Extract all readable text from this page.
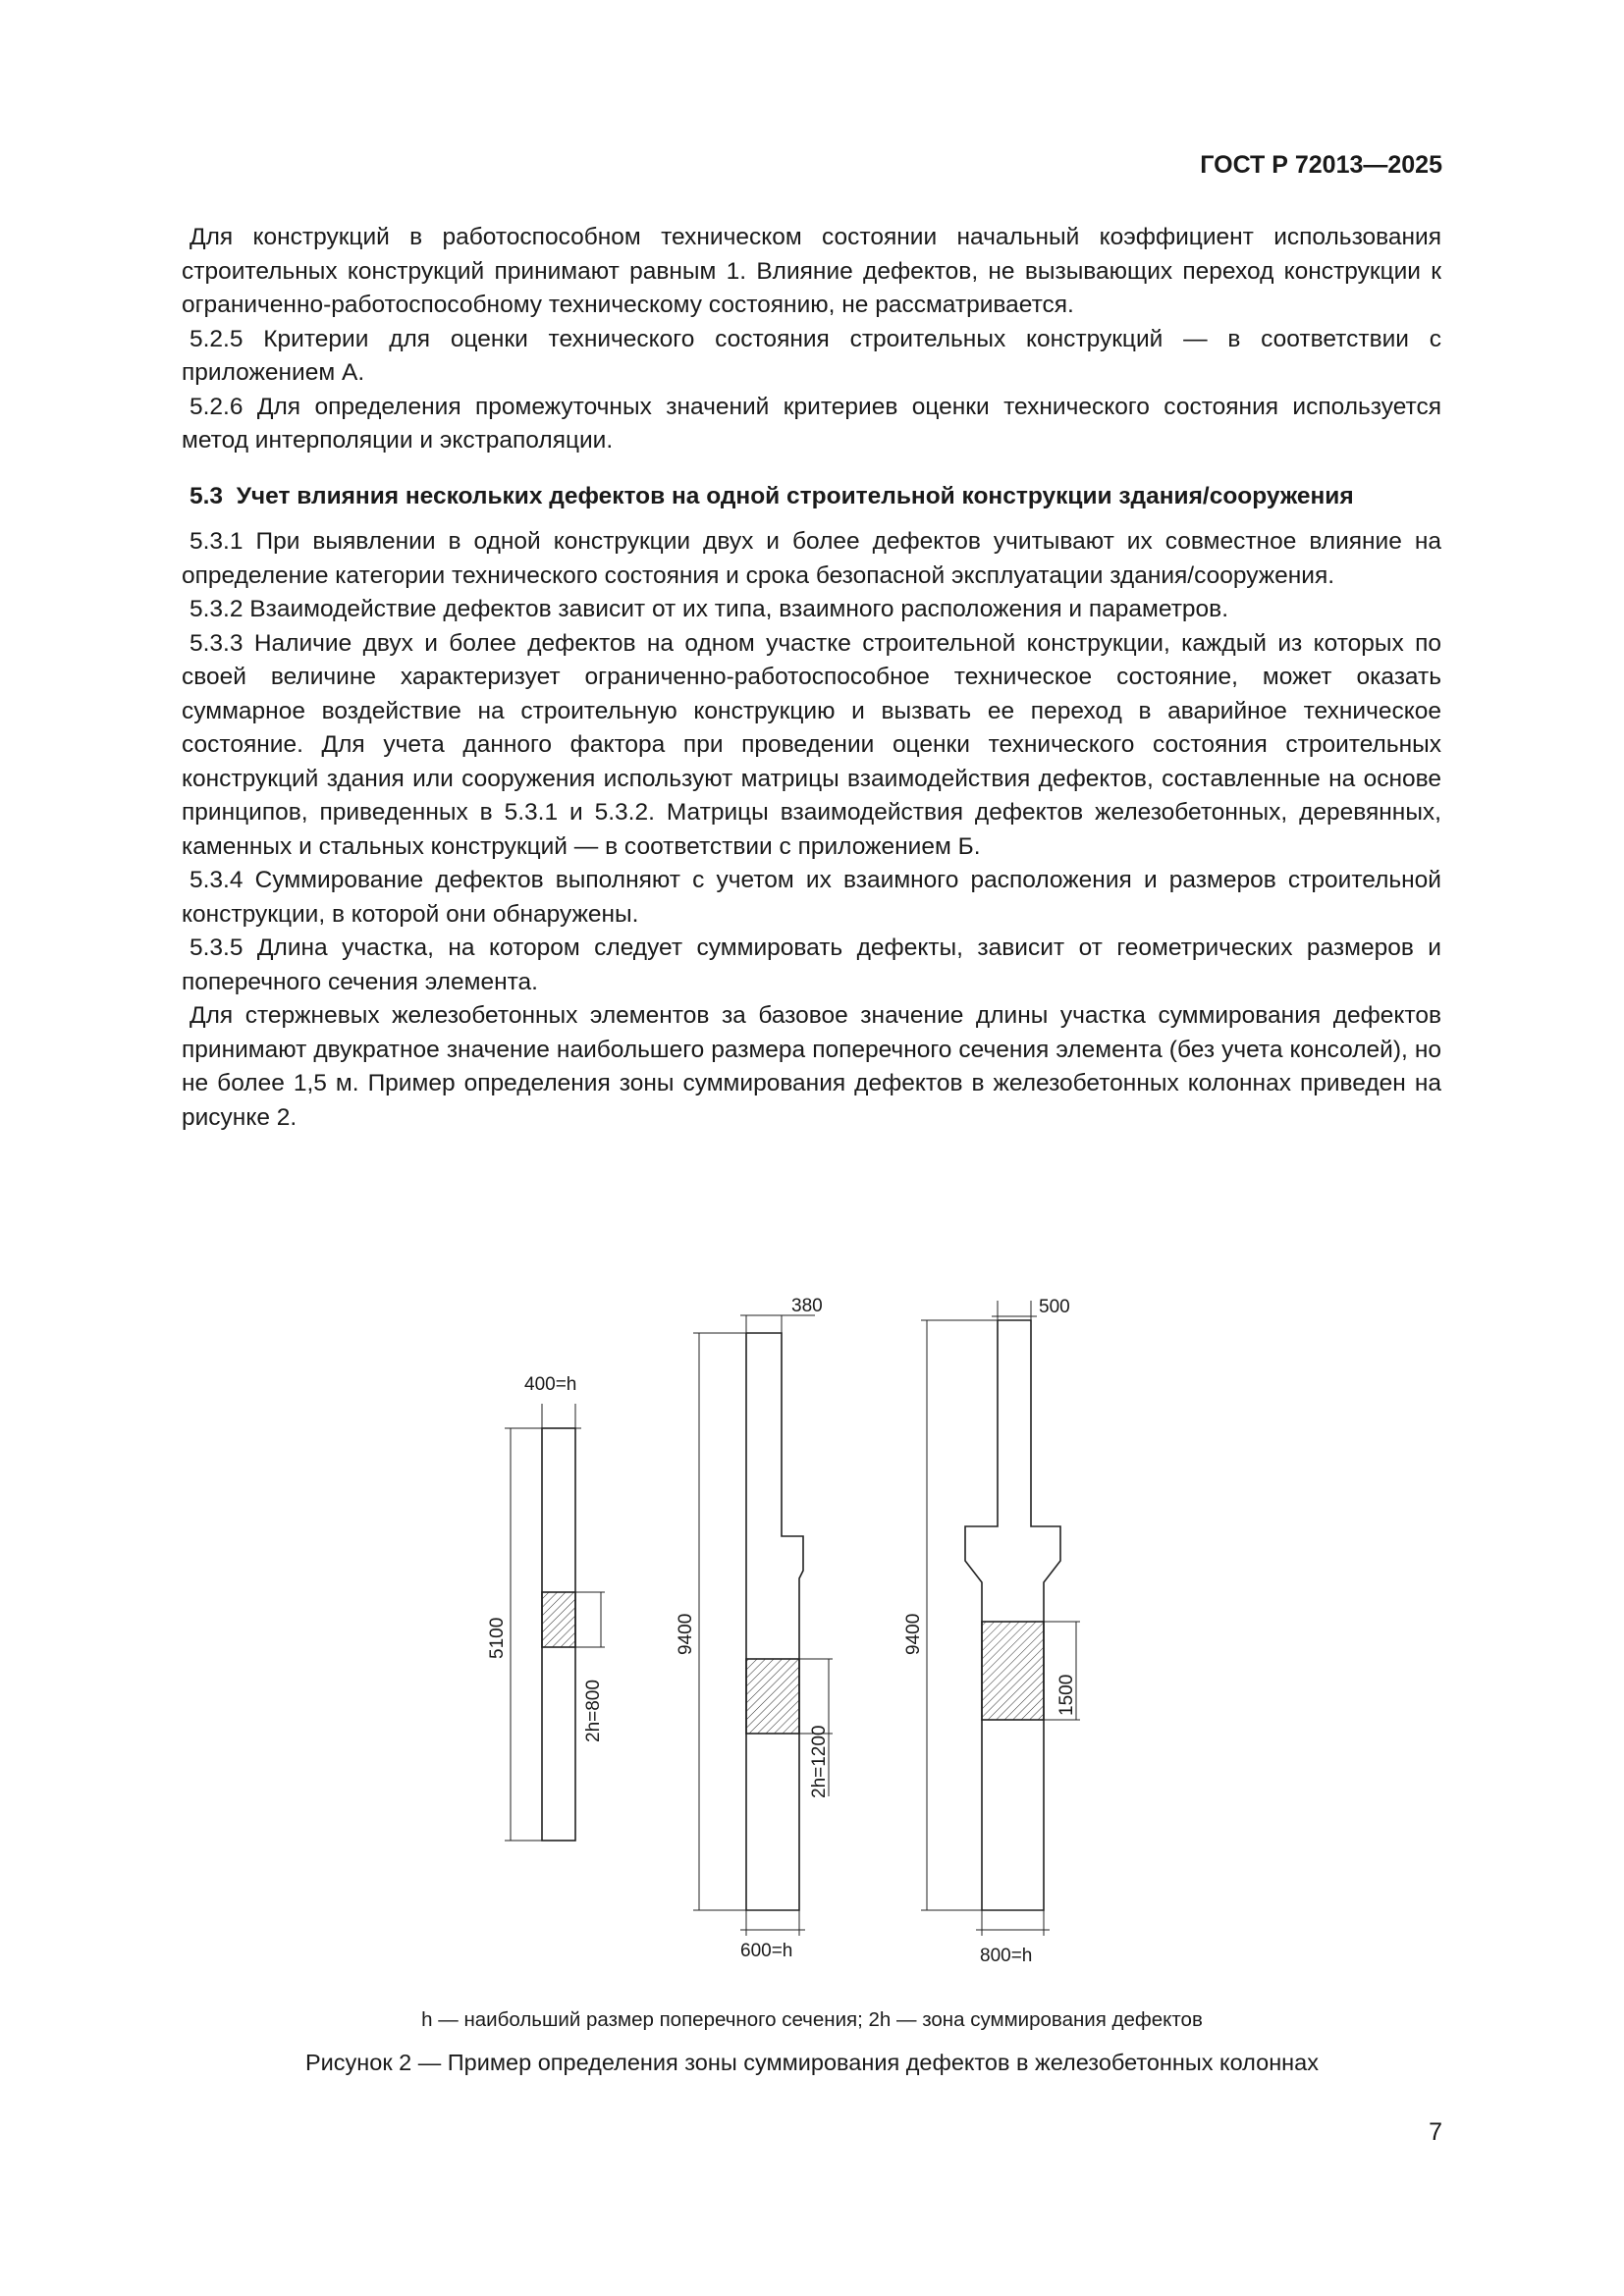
ГОСТ Р 72013—2025

Для конструкций в работоспособном техническом состоянии начальный коэффициент использования строительных конструкций принимают равным 1. Влияние дефектов, не вызывающих переход конструкции к ограниченно-работоспособному техническому состоянию, не рассматривается.

5.2.5 Критерии для оценки технического состояния строительных конструкций — в соответствии с приложением А.

5.2.6 Для определения промежуточных значений критериев оценки технического состояния используется метод интерполяции и экстраполяции.

5.3 Учет влияния нескольких дефектов на одной строительной конструкции здания/сооружения

5.3.1 При выявлении в одной конструкции двух и более дефектов учитывают их совместное влияние на определение категории технического состояния и срока безопасной эксплуатации здания/сооружения.

5.3.2 Взаимодействие дефектов зависит от их типа, взаимного расположения и параметров.

5.3.3 Наличие двух и более дефектов на одном участке строительной конструкции, каждый из которых по своей величине характеризует ограниченно-работоспособное техническое состояние, может оказать суммарное воздействие на строительную конструкцию и вызвать ее переход в аварийное техническое состояние. Для учета данного фактора при проведении оценки технического состояния строительных конструкций здания или сооружения используют матрицы взаимодействия дефектов, составленные на основе принципов, приведенных в 5.3.1 и 5.3.2. Матрицы взаимодействия дефектов железобетонных, деревянных, каменных и стальных конструкций — в соответствии с приложением Б.

5.3.4 Суммирование дефектов выполняют с учетом их взаимного расположения и размеров строительной конструкции, в которой они обнаружены.

5.3.5 Длина участка, на котором следует суммировать дефекты, зависит от геометрических размеров и поперечного сечения элемента.

Для стержневых железобетонных элементов за базовое значение длины участка суммирования дефектов принимают двукратное значение наибольшего размера поперечного сечения элемента (без учета консолей), но не более 1,5 м. Пример определения зоны суммирования дефектов в железобетонных колоннах приведен на рисунке 2.

400=h
5100
2h=800
380
9400
2h=1200
600=h
500
9400
1500
800=h
h — наибольший размер поперечного сечения; 2h — зона суммирования дефектов
Рисунок 2 — Пример определения зоны суммирования дефектов в железобетонных колоннах
7
